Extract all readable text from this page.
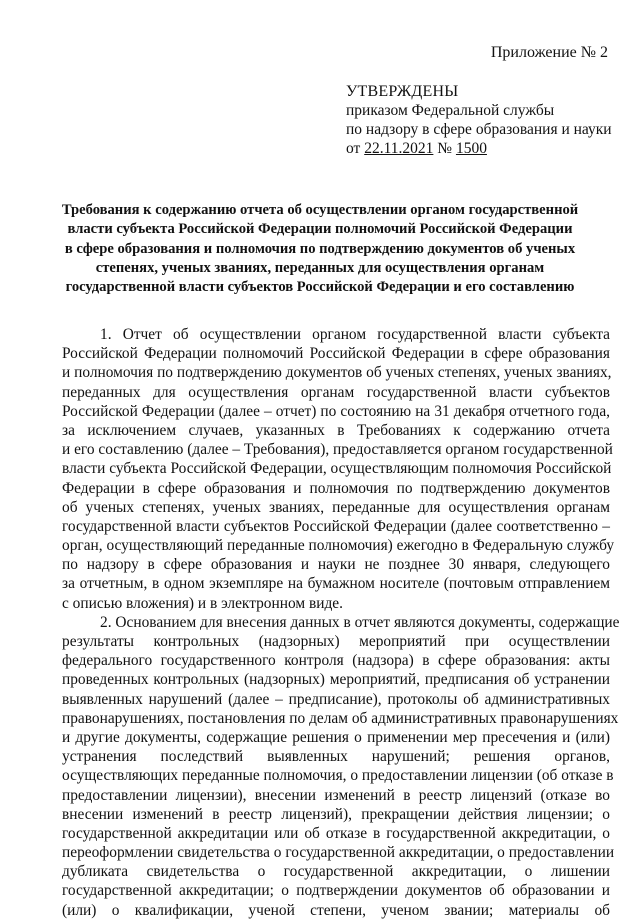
Приложение № 2
УТВЕРЖДЕНЫ
приказом Федеральной службы
по надзору в сфере образования и науки
от 22.11.2021 № 1500
Требования к содержанию отчета об осуществлении органом государственной
власти субъекта Российской Федерации полномочий Российской Федерации
в сфере образования и полномочия по подтверждению документов об ученых
степенях, ученых званиях, переданных для осуществления органам
государственной власти субъектов Российской Федерации и его составлению
1. Отчет об осуществлении органом государственной власти субъекта
Российской Федерации полномочий Российской Федерации в сфере образования
и полномочия по подтверждению документов об ученых степенях, ученых званиях,
переданных для осуществления органам государственной власти субъектов
Российской Федерации (далее – отчет) по состоянию на 31 декабря отчетного года,
за исключением случаев, указанных в Требованиях к содержанию отчета
и его составлению (далее – Требования), предоставляется органом государственной
власти субъекта Российской Федерации, осуществляющим полномочия Российской
Федерации в сфере образования и полномочия по подтверждению документов
об ученых степенях, ученых званиях, переданные для осуществления органам
государственной власти субъектов Российской Федерации (далее соответственно –
орган, осуществляющий переданные полномочия) ежегодно в Федеральную службу
по надзору в сфере образования и науки не позднее 30 января, следующего
за отчетным, в одном экземпляре на бумажном носителе (почтовым отправлением
с описью вложения) и в электронном виде.
2. Основанием для внесения данных в отчет являются документы, содержащие
результаты контрольных (надзорных) мероприятий при осуществлении
федерального государственного контроля (надзора) в сфере образования: акты
проведенных контрольных (надзорных) мероприятий, предписания об устранении
выявленных нарушений (далее – предписание), протоколы об административных
правонарушениях, постановления по делам об административных правонарушениях
и другие документы, содержащие решения о применении мер пресечения и (или)
устранения последствий выявленных нарушений; решения органов,
осуществляющих переданные полномочия, о предоставлении лицензии (об отказе в
предоставлении лицензии), внесении изменений в реестр лицензий (отказе во
внесении изменений в реестр лицензий), прекращении действия лицензии; о
государственной аккредитации или об отказе в государственной аккредитации, о
переоформлении свидетельства о государственной аккредитации, о предоставлении
дубликата свидетельства о государственной аккредитации, о лишении
государственной аккредитации; о подтверждении документов об образовании и
(или) о квалификации, ученой степени, ученом звании; материалы об
